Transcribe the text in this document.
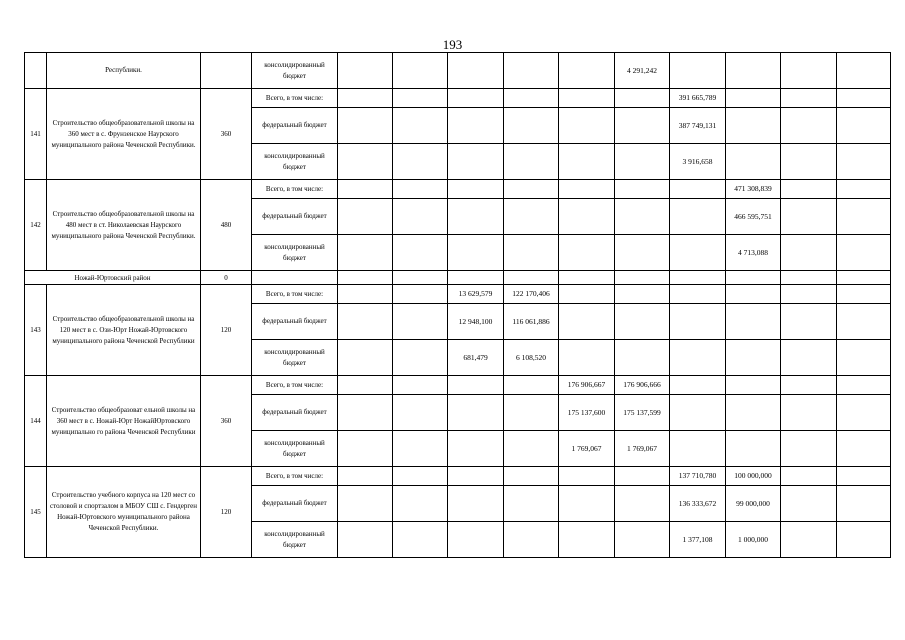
193
	Республики.		консолидированный бюджет						4 291,242				
141	Строительство общеобразовательной школы на 360 мест в с. Фрунзенское Наурского муниципального района Чеченской Республики.	360	Всего, в том числе:							391 665,789			
			федеральный бюджет							387 749,131			
			консолидированный бюджет							3 916,658			
142	Строительство общеобразовательной школы на 480 мест в ст. Николаевская Наурского муниципального района Чеченской Республики.	480	Всего, в том числе:								471 308,839		
			федеральный бюджет								466 595,751		
			консолидированный бюджет								4 713,088		
Ножай-Юртовский район		0											
143	Строительство общеобразовательной школы на 120 мест в с. Ози-Юрт Ножай-Юртовского муниципального района Чеченской Республики	120	Всего, в том числе:			13 629,579	122 170,406						
			федеральный бюджет			12 948,100	116 061,886						
			консолидированный бюджет			681,479	6 108,520						
144	Строительство общеобразоват ельной школы на 360 мест в с. Ножай-Юрт НожайЮртовского муниципально го района Чеченской Республики	360	Всего, в том числе:					176 906,667	176 906,666				
			федеральный бюджет					175 137,600	175 137,599				
			консолидированный бюджет					1 769,067	1 769,067				
145	Строительство учебного корпуса на 120 мест со столовой и спортзалом в МБОУ СШ с. Гендерген Ножай-Юртовского муниципального района Чеченской Республики.	120	Всего, в том числе:							137 710,780	100 000,000		
			федеральный бюджет							136 333,672	99 000,000		
			консолидированный бюджет							1 377,108	1 000,000		
